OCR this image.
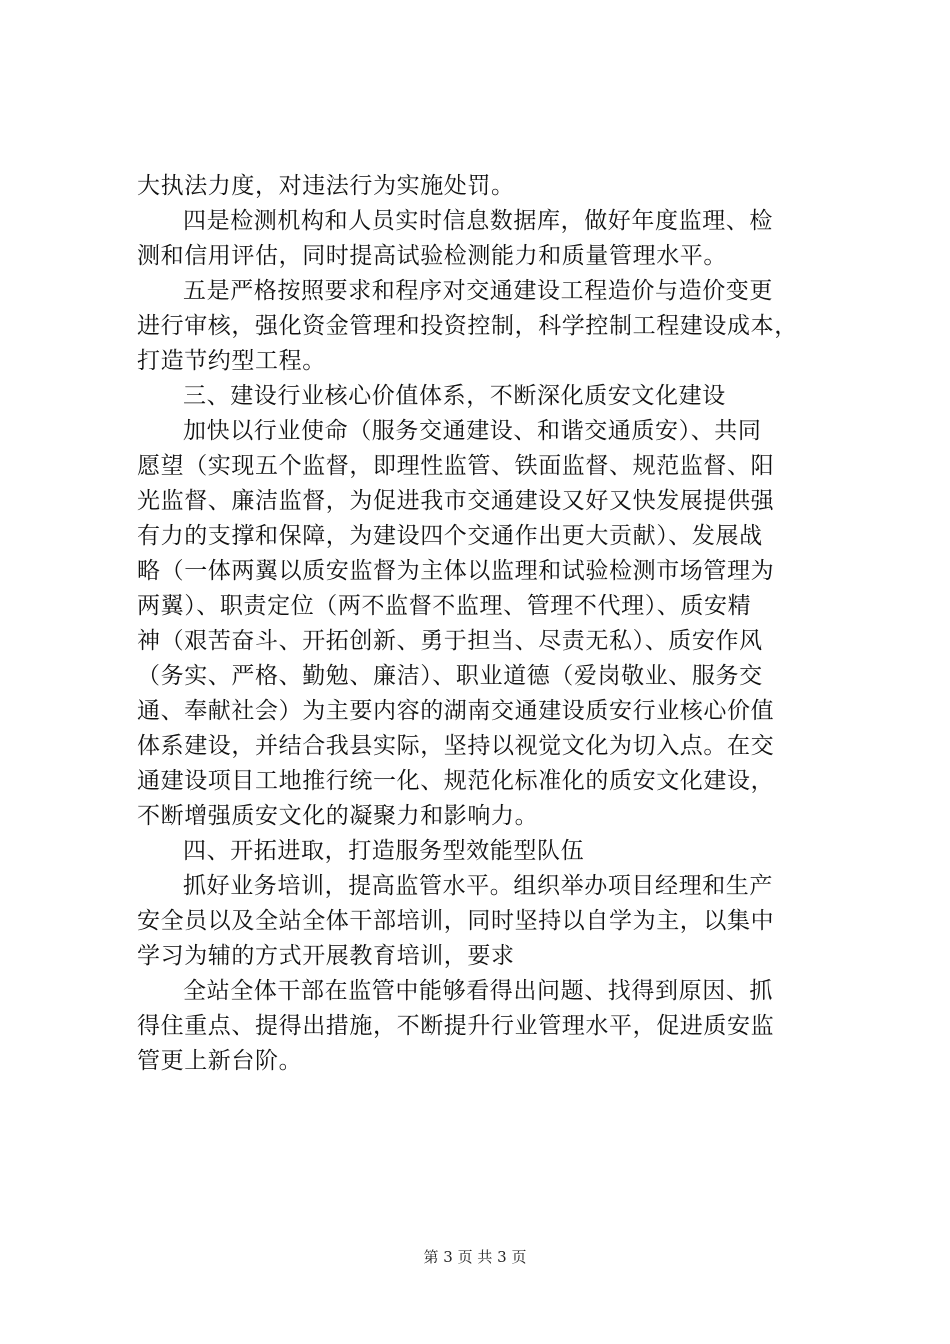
大执法力度，对违法行为实施处罚。
四是检测机构和人员实时信息数据库，做好年度监理、检
测和信用评估，同时提高试验检测能力和质量管理水平。
五是严格按照要求和程序对交通建设工程造价与造价变更
进行审核，强化资金管理和投资控制，科学控制工程建设成本，
打造节约型工程。
三、建设行业核心价值体系，不断深化质安文化建设
加快以行业使命（服务交通建设、和谐交通质安）、共同
愿望（实现五个监督，即理性监管、铁面监督、规范监督、阳
光监督、廉洁监督，为促进我市交通建设又好又快发展提供强
有力的支撑和保障，为建设四个交通作出更大贡献）、发展战
略（一体两翼以质安监督为主体以监理和试验检测市场管理为
两翼）、职责定位（两不监督不监理、管理不代理）、质安精
神（艰苦奋斗、开拓创新、勇于担当、尽责无私）、质安作风
（务实、严格、勤勉、廉洁）、职业道德（爱岗敬业、服务交
通、奉献社会）为主要内容的湖南交通建设质安行业核心价值
体系建设，并结合我县实际，坚持以视觉文化为切入点。在交
通建设项目工地推行统一化、规范化标准化的质安文化建设，
不断增强质安文化的凝聚力和影响力。
四、开拓进取，打造服务型效能型队伍
抓好业务培训，提高监管水平。组织举办项目经理和生产
安全员以及全站全体干部培训，同时坚持以自学为主，以集中
学习为辅的方式开展教育培训，要求
全站全体干部在监管中能够看得出问题、找得到原因、抓
得住重点、提得出措施，不断提升行业管理水平，促进质安监
管更上新台阶。
第 3 页 共 3 页
